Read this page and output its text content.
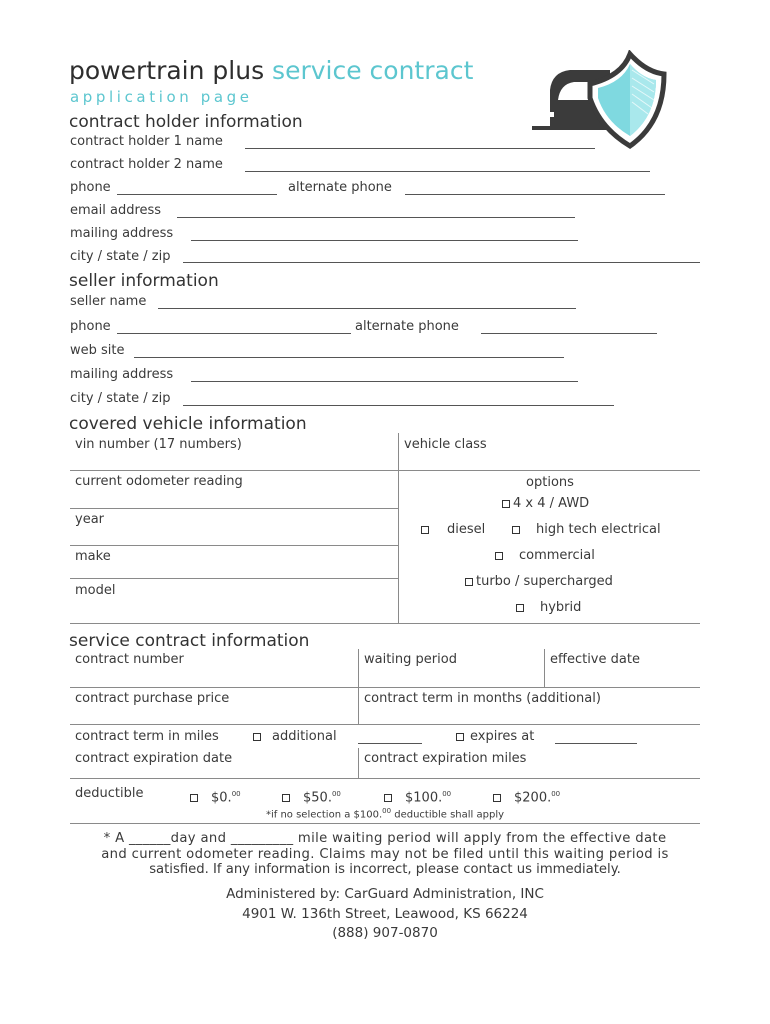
powertrain plus service contract
application page
contract holder information
contract holder 1 name
contract holder 2 name
phone	alternate phone
email address
mailing address
city / state / zip
seller information
seller name
phone	alternate phone
web site
mailing address
city / state / zip
covered vehicle information
vin number (17 numbers)	vehicle class
current odometer reading
year
make
model
options
4 x 4 / AWD
diesel	high tech electrical
commercial
turbo / supercharged
hybrid
service contract information
contract number	waiting period	effective date
contract purchase price	contract term in months (additional)
contract term in miles	additional	expires at
contract expiration date	contract expiration miles
deductible	$0.00	$50.00	$100.00	$200.00
*if no selection a $100.00 deductible shall apply
* A ______day and _________ mile waiting period will apply from the effective date
and current odometer reading. Claims may not be filed until this waiting period is
satisfied. If any information is incorrect, please contact us immediately.
Administered by: CarGuard Administration, INC
4901 W. 136th Street, Leawood, KS 66224
(888) 907-0870
